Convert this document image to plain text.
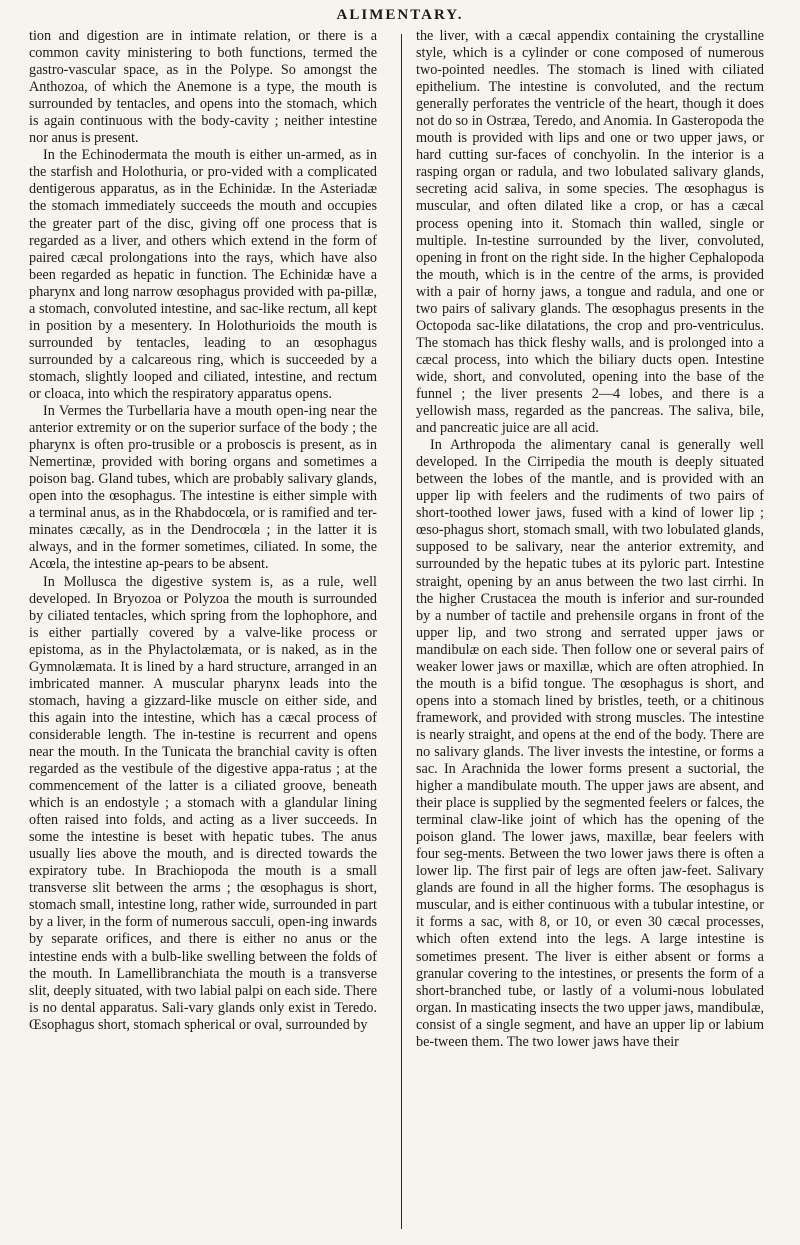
ALIMENTARY.

tion and digestion are in intimate relation, or there is a common cavity ministering to both functions, termed the gastro-vascular space, as in the Polype. So amongst the Anthozoa, of which the Anemone is a type, the mouth is surrounded by tentacles, and opens into the stomach, which is again continuous with the body-cavity ; neither intestine nor anus is present.

In the Echinodermata the mouth is either un-armed, as in the starfish and Holothuria, or pro-vided with a complicated dentigerous apparatus, as in the Echinidæ. In the Asteriadæ the stomach immediately succeeds the mouth and occupies the greater part of the disc, giving off one process that is regarded as a liver, and others which extend in the form of paired cæcal prolongations into the rays, which have also been regarded as hepatic in function. The Echinidæ have a pharynx and long narrow œsophagus provided with pa-pillæ, a stomach, convoluted intestine, and sac-like rectum, all kept in position by a mesentery. In Holothurioids the mouth is surrounded by tentacles, leading to an œsophagus surrounded by a calcareous ring, which is succeeded by a stomach, slightly looped and ciliated, intestine, and rectum or cloaca, into which the respiratory apparatus opens.

In Vermes the Turbellaria have a mouth open-ing near the anterior extremity or on the superior surface of the body ; the pharynx is often pro-trusible or a proboscis is present, as in Nemertinæ, provided with boring organs and sometimes a poison bag. Gland tubes, which are probably salivary glands, open into the œsophagus. The intestine is either simple with a terminal anus, as in the Rhabdocœla, or is ramified and ter-minates cæcally, as in the Dendrocœla ; in the latter it is always, and in the former sometimes, ciliated. In some, the Acœla, the intestine ap-pears to be absent.

In Mollusca the digestive system is, as a rule, well developed. In Bryozoa or Polyzoa the mouth is surrounded by ciliated tentacles, which spring from the lophophore, and is either partially covered by a valve-like process or epistoma, as in the Phylactolæmata, or is naked, as in the Gymnolæmata. It is lined by a hard structure, arranged in an imbricated manner. A muscular pharynx leads into the stomach, having a gizzard-like muscle on either side, and this again into the intestine, which has a cæcal process of considerable length. The in-testine is recurrent and opens near the mouth. In the Tunicata the branchial cavity is often regarded as the vestibule of the digestive appa-ratus ; at the commencement of the latter is a ciliated groove, beneath which is an endostyle ; a stomach with a glandular lining often raised into folds, and acting as a liver succeeds. In some the intestine is beset with hepatic tubes. The anus usually lies above the mouth, and is directed towards the expiratory tube. In Brachiopoda the mouth is a small transverse slit between the arms ; the œsophagus is short, stomach small, intestine long, rather wide, surrounded in part by a liver, in the form of numerous sacculi, open-ing inwards by separate orifices, and there is either no anus or the intestine ends with a bulb-like swelling between the folds of the mouth. In Lamellibranchiata the mouth is a transverse slit, deeply situated, with two labial palpi on each side. There is no dental apparatus. Sali-vary glands only exist in Teredo. Œsophagus short, stomach spherical or oval, surrounded by

the liver, with a cæcal appendix containing the crystalline style, which is a cylinder or cone composed of numerous two-pointed needles. The stomach is lined with ciliated epithelium. The intestine is convoluted, and the rectum generally perforates the ventricle of the heart, though it does not do so in Ostræa, Teredo, and Anomia. In Gasteropoda the mouth is provided with lips and one or two upper jaws, or hard cutting sur-faces of conchyolin. In the interior is a rasping organ or radula, and two lobulated salivary glands, secreting acid saliva, in some species. The œsophagus is muscular, and often dilated like a crop, or has a cæcal process opening into it. Stomach thin walled, single or multiple. In-testine surrounded by the liver, convoluted, opening in front on the right side. In the higher Cephalopoda the mouth, which is in the centre of the arms, is provided with a pair of horny jaws, a tongue and radula, and one or two pairs of salivary glands. The œsophagus presents in the Octopoda sac-like dilatations, the crop and pro-ventriculus. The stomach has thick fleshy walls, and is prolonged into a cæcal process, into which the biliary ducts open. Intestine wide, short, and convoluted, opening into the base of the funnel ; the liver presents 2—4 lobes, and there is a yellowish mass, regarded as the pancreas. The saliva, bile, and pancreatic juice are all acid.

In Arthropoda the alimentary canal is generally well developed. In the Cirripedia the mouth is deeply situated between the lobes of the mantle, and is provided with an upper lip with feelers and the rudiments of two pairs of short-toothed lower jaws, fused with a kind of lower lip ; œso-phagus short, stomach small, with two lobulated glands, supposed to be salivary, near the anterior extremity, and surrounded by the hepatic tubes at its pyloric part. Intestine straight, opening by an anus between the two last cirrhi. In the higher Crustacea the mouth is inferior and sur-rounded by a number of tactile and prehensile organs in front of the upper lip, and two strong and serrated upper jaws or mandibulæ on each side. Then follow one or several pairs of weaker lower jaws or maxillæ, which are often atrophied. In the mouth is a bifid tongue. The œsophagus is short, and opens into a stomach lined by bristles, teeth, or a chitinous framework, and provided with strong muscles. The intestine is nearly straight, and opens at the end of the body. There are no salivary glands. The liver invests the intestine, or forms a sac. In Arachnida the lower forms present a suctorial, the higher a mandibulate mouth. The upper jaws are absent, and their place is supplied by the segmented feelers or falces, the terminal claw-like joint of which has the opening of the poison gland. The lower jaws, maxillæ, bear feelers with four seg-ments. Between the two lower jaws there is often a lower lip. The first pair of legs are often jaw-feet. Salivary glands are found in all the higher forms. The œsophagus is muscular, and is either continuous with a tubular intestine, or it forms a sac, with 8, or 10, or even 30 cæcal processes, which often extend into the legs. A large intestine is sometimes present. The liver is either absent or forms a granular covering to the intestines, or presents the form of a short-branched tube, or lastly of a volumi-nous lobulated organ. In masticating insects the two upper jaws, mandibulæ, consist of a single segment, and have an upper lip or labium be-tween them. The two lower jaws have their
